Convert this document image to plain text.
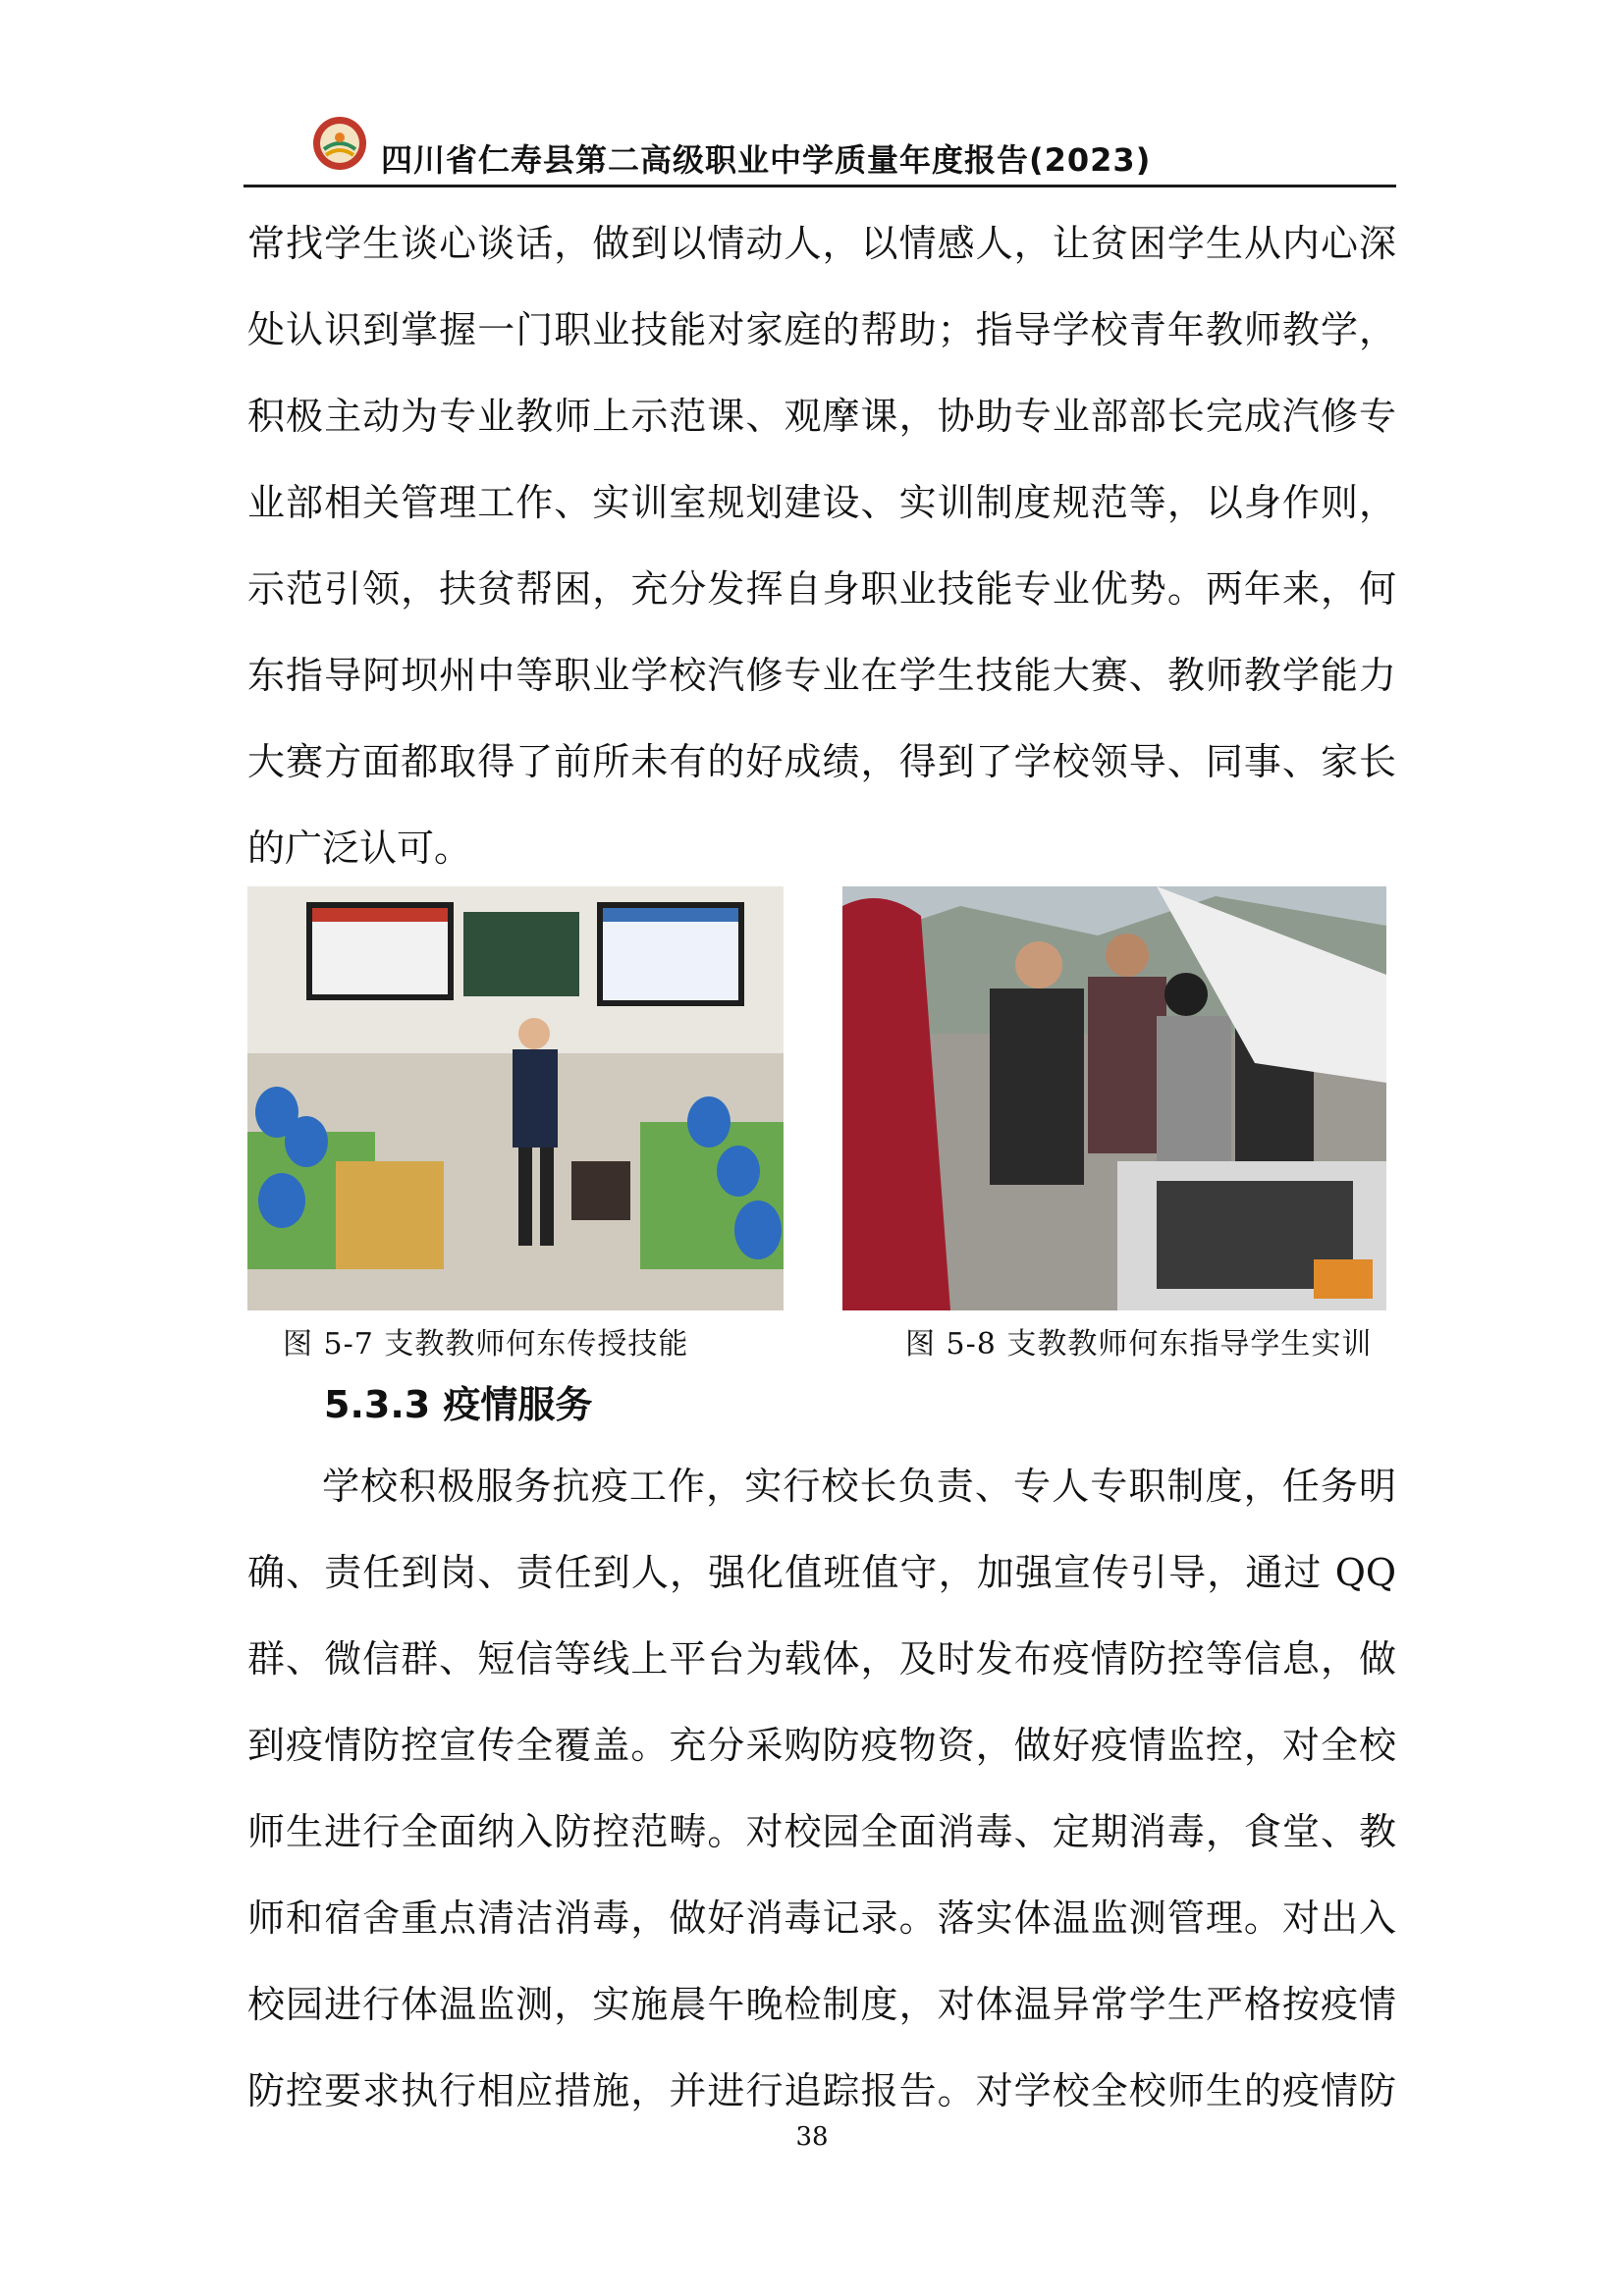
四川省仁寿县第二高级职业中学质量年度报告(2023)
常找学生谈心谈话，做到以情动人，以情感人，让贫困学生从内心深
处认识到掌握一门职业技能对家庭的帮助；指导学校青年教师教学，
积极主动为专业教师上示范课、观摩课，协助专业部部长完成汽修专
业部相关管理工作、实训室规划建设、实训制度规范等，以身作则，
示范引领，扶贫帮困，充分发挥自身职业技能专业优势。两年来，何
东指导阿坝州中等职业学校汽修专业在学生技能大赛、教师教学能力
大赛方面都取得了前所未有的好成绩，得到了学校领导、同事、家长
的广泛认可。
图 5-7 支教教师何东传授技能	图 5-8 支教教师何东指导学生实训
5.3.3 疫情服务
学校积极服务抗疫工作，实行校长负责、专人专职制度，任务明
确、责任到岗、责任到人，强化值班值守，加强宣传引导，通过 QQ
群、微信群、短信等线上平台为载体，及时发布疫情防控等信息，做
到疫情防控宣传全覆盖。充分采购防疫物资，做好疫情监控，对全校
师生进行全面纳入防控范畴。对校园全面消毒、定期消毒，食堂、教
师和宿舍重点清洁消毒，做好消毒记录。落实体温监测管理。对出入
校园进行体温监测，实施晨午晚检制度，对体温异常学生严格按疫情
防控要求执行相应措施，并进行追踪报告。对学校全校师生的疫情防
38
